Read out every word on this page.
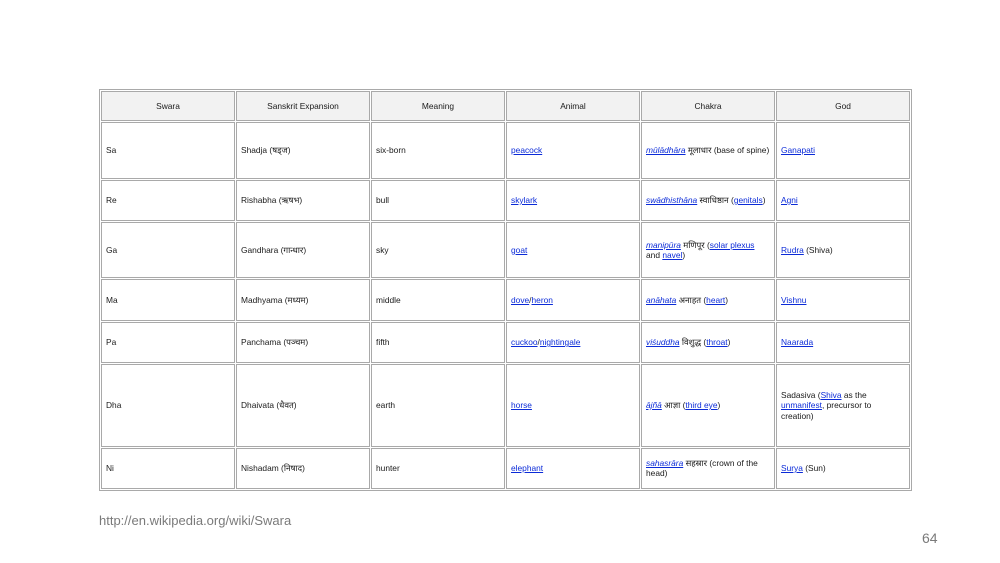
Swara	Sanskrit Expansion	Meaning	Animal	Chakra	God
Sa	Shadja (षड्ज)	six-born	peacock	mūlādhāra मूलाधार (base of spine)	Ganapati
Re	Rishabha (ऋषभ)	bull	skylark	swādhisthāna स्वाधिष्ठान (genitals)	Agni
Ga	Gandhara (गान्धार)	sky	goat	manipūra मणिपूर (solar plexus and navel)	Rudra (Shiva)
Ma	Madhyama (मध्यम)	middle	dove/heron	anāhata अनाहत (heart)	Vishnu
Pa	Panchama (पञ्चम)	fifth	cuckoo/nightingale	viśuddha विशुद्ध (throat)	Naarada
Dha	Dhaivata (धैवत)	earth	horse	ājñā आज्ञा (third eye)	Sadasiva (Shiva as the unmanifest, precursor to creation)
Ni	Nishadam (निषाद)	hunter	elephant	sahasrāra सहस्रार (crown of the head)	Surya (Sun)
http://en.wikipedia.org/wiki/Swara
64
